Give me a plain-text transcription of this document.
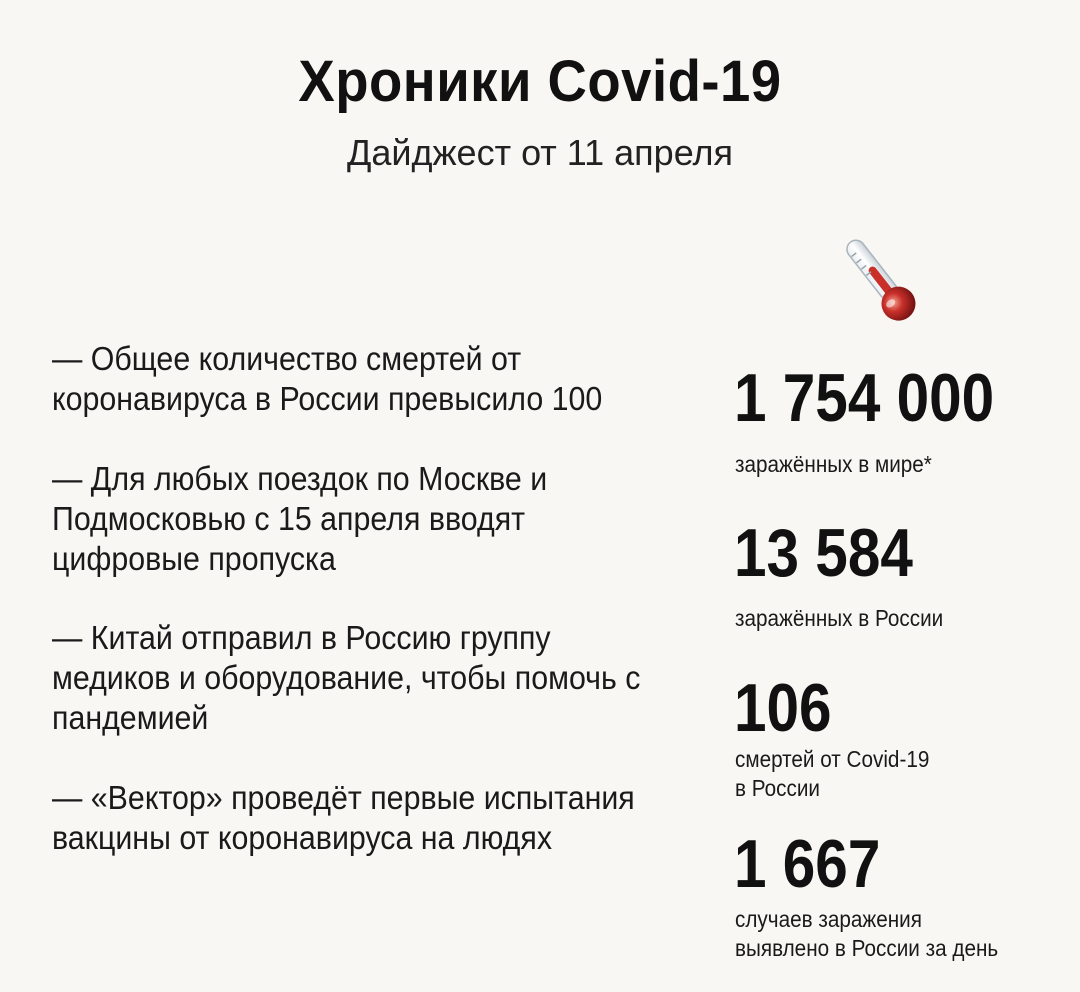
Хроники Covid-19
Дайджест от 11 апреля
— Общее количество смертей от коронавируса в России превысило 100
— Для любых поездок по Москве и Подмосковью с 15 апреля вводят цифровые пропуска
— Китай отправил в Россию группу медиков и оборудование, чтобы помочь с пандемией
— «Вектор» проведёт первые испытания вакцины от коронавируса на людях
1 754 000
заражённых в мире*
13 584
заражённых в России
106
смертей от Covid-19 в России
1 667
случаев заражения выявлено в России за день
